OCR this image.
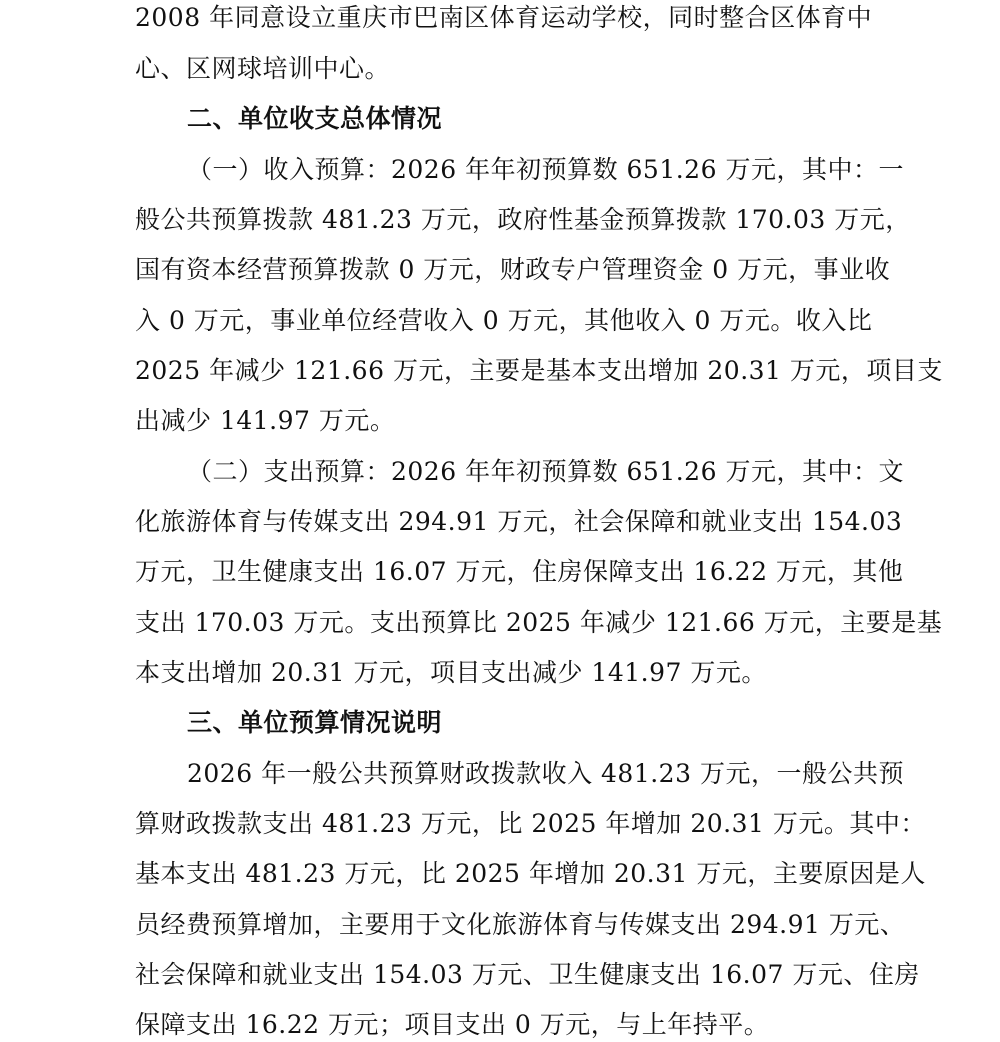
2008 年同意设立重庆市巴南区体育运动学校，同时整合区体育中
心、区网球培训中心。
二、单位收支总体情况
（一）收入预算：2026 年年初预算数 651.26 万元，其中：一
般公共预算拨款 481.23 万元，政府性基金预算拨款 170.03 万元，
国有资本经营预算拨款 0 万元，财政专户管理资金 0 万元，事业收
入 0 万元，事业单位经营收入 0 万元，其他收入 0 万元。收入比
2025 年减少 121.66 万元，主要是基本支出增加 20.31 万元，项目支
出减少 141.97 万元。
（二）支出预算：2026 年年初预算数 651.26 万元，其中：文
化旅游体育与传媒支出 294.91 万元，社会保障和就业支出 154.03
万元，卫生健康支出 16.07 万元，住房保障支出 16.22 万元，其他
支出 170.03 万元。支出预算比 2025 年减少 121.66 万元，主要是基
本支出增加 20.31 万元，项目支出减少 141.97 万元。
三、单位预算情况说明
2026 年一般公共预算财政拨款收入 481.23 万元，一般公共预
算财政拨款支出 481.23 万元，比 2025 年增加 20.31 万元。其中：
基本支出 481.23 万元，比 2025 年增加 20.31 万元，主要原因是人
员经费预算增加，主要用于文化旅游体育与传媒支出 294.91 万元、
社会保障和就业支出 154.03 万元、卫生健康支出 16.07 万元、住房
保障支出 16.22 万元；项目支出 0 万元，与上年持平。
